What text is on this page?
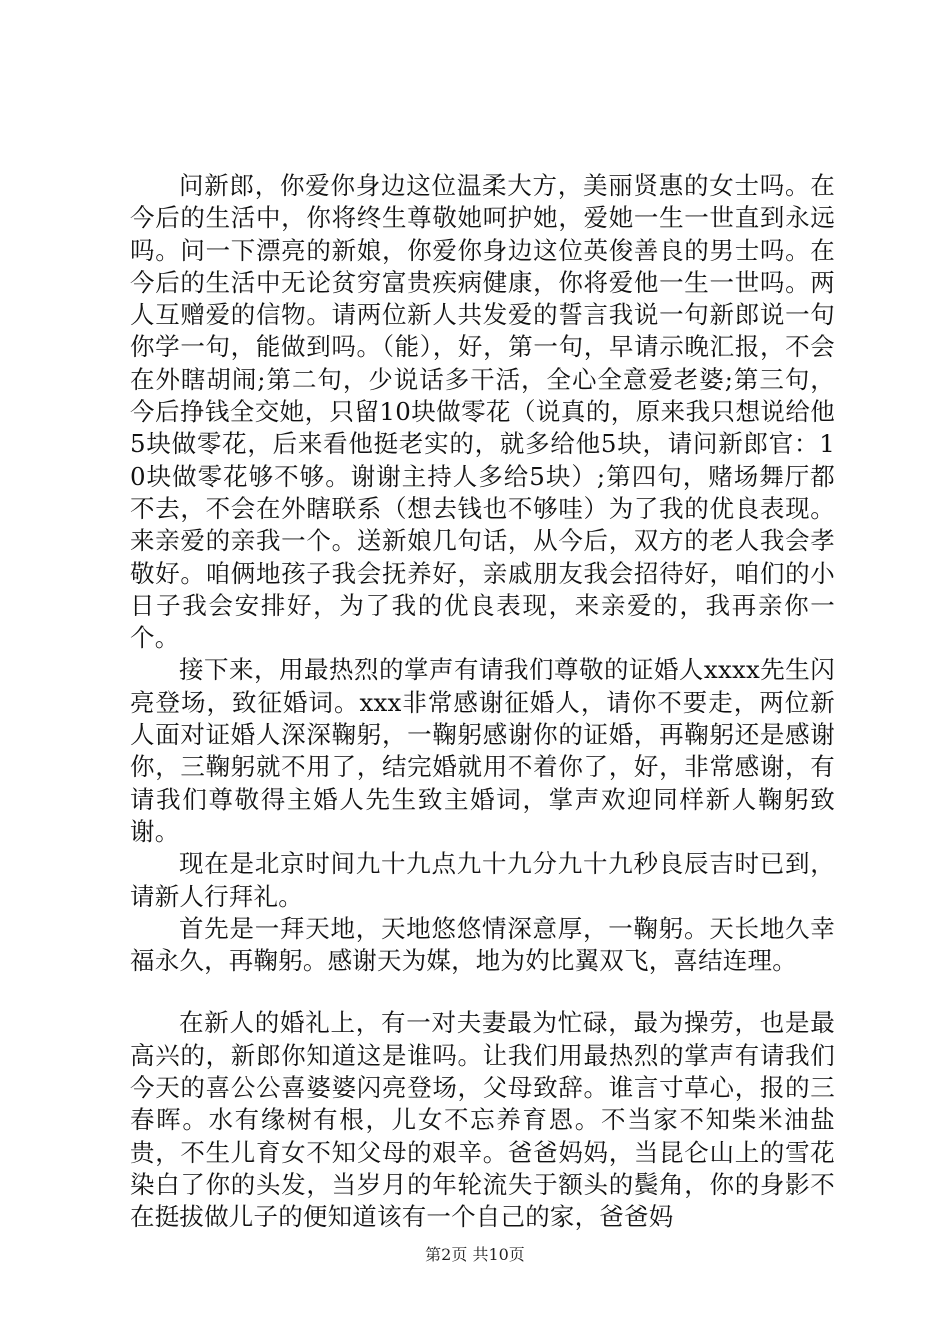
问新郎，你爱你身边这位温柔大方，美丽贤惠的女士吗。在今后的生活中，你将终生尊敬她呵护她，爱她一生一世直到永远吗。问一下漂亮的新娘，你爱你身边这位英俊善良的男士吗。在今后的生活中无论贫穷富贵疾病健康，你将爱他一生一世吗。两人互赠爱的信物。请两位新人共发爱的誓言我说一句新郎说一句你学一句，能做到吗。（能），好，第一句，早请示晚汇报，不会在外瞎胡闹;第二句，少说话多干活，全心全意爱老婆;第三句，今后挣钱全交她，只留10块做零花（说真的，原来我只想说给他5块做零花，后来看他挺老实的，就多给他5块，请问新郎官：10块做零花够不够。谢谢主持人多给5块）;第四句，赌场舞厅都不去，不会在外瞎联系（想去钱也不够哇）为了我的优良表现。来亲爱的亲我一个。送新娘几句话，从今后，双方的老人我会孝敬好。咱俩地孩子我会抚养好，亲戚朋友我会招待好，咱们的小日子我会安排好，为了我的优良表现，来亲爱的，我再亲你一个。

接下来，用最热烈的掌声有请我们尊敬的证婚人xxxx先生闪亮登场，致征婚词。xxx非常感谢征婚人，请你不要走，两位新人面对证婚人深深鞠躬，一鞠躬感谢你的证婚，再鞠躬还是感谢你，三鞠躬就不用了，结完婚就用不着你了，好，非常感谢，有请我们尊敬得主婚人先生致主婚词，掌声欢迎同样新人鞠躬致谢。

现在是北京时间九十九点九十九分九十九秒良辰吉时已到，请新人行拜礼。

首先是一拜天地，天地悠悠情深意厚，一鞠躬。天长地久幸福永久，再鞠躬。感谢天为媒，地为妁比翼双飞，喜结连理。

在新人的婚礼上，有一对夫妻最为忙碌，最为操劳，也是最高兴的，新郎你知道这是谁吗。让我们用最热烈的掌声有请我们今天的喜公公喜婆婆闪亮登场，父母致辞。谁言寸草心，报的三春晖。水有缘树有根，儿女不忘养育恩。不当家不知柴米油盐贵，不生儿育女不知父母的艰辛。爸爸妈妈，当昆仑山上的雪花染白了你的头发，当岁月的年轮流失于额头的鬓角，你的身影不在挺拔做儿子的便知道该有一个自己的家，爸爸妈

第2页 共10页
